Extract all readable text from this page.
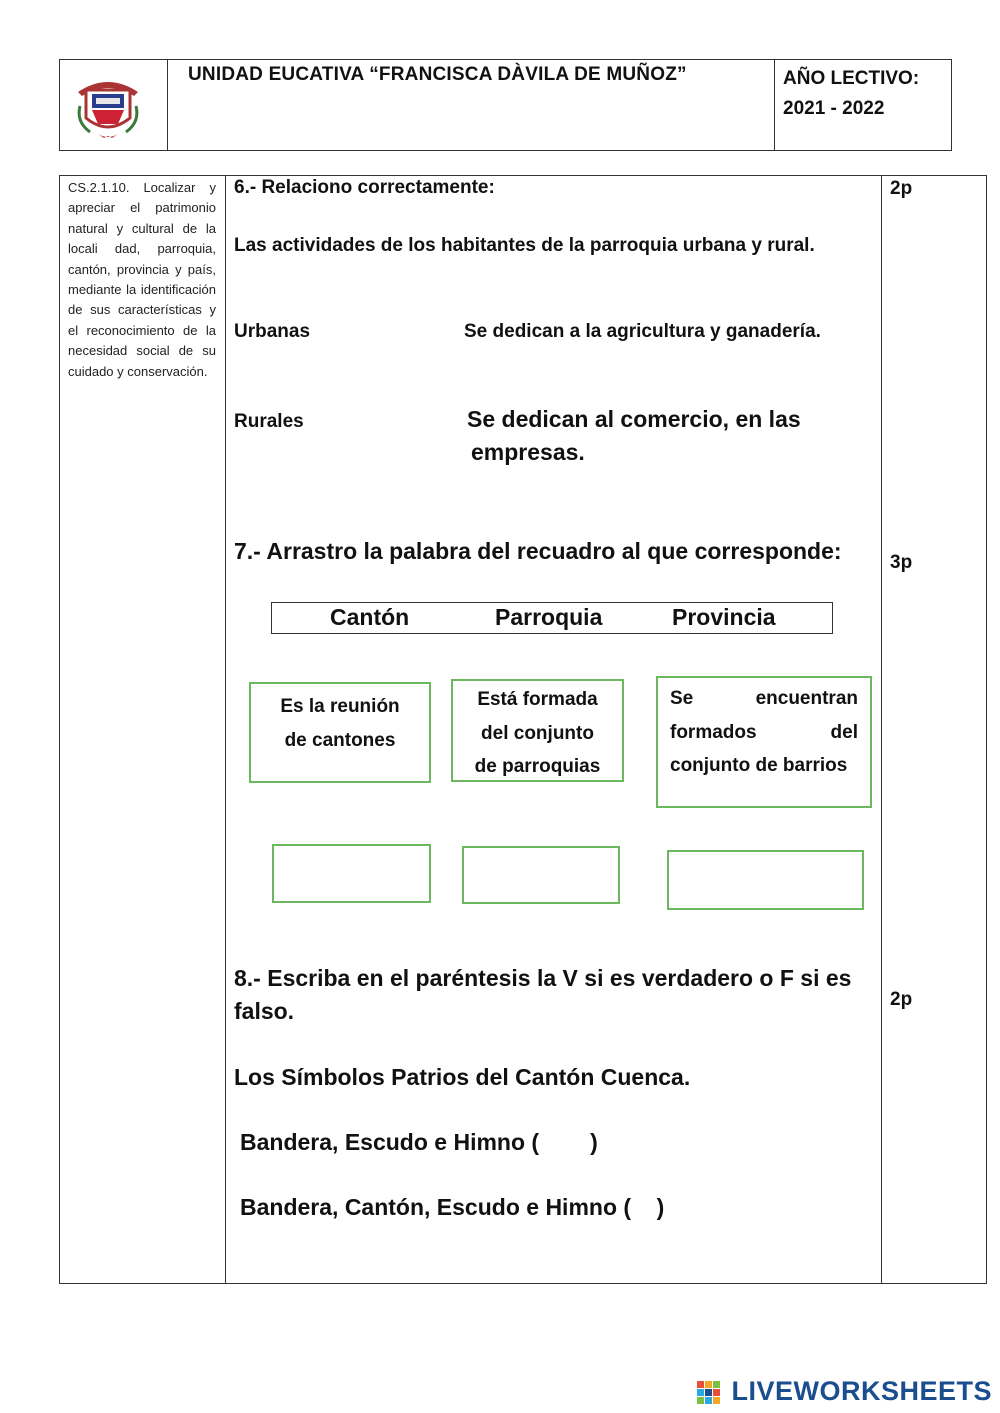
UNIDAD EUCATIVA “FRANCISCA DÀVILA DE MUÑOZ”	AÑO LECTIVO:
2021 - 2022
CS.2.1.10. Localizar y apreciar el patrimonio natural y cultural de la locali dad, parroquia, cantón, provincia y país, mediante la identificación de sus características y el reconocimiento de la necesidad social de su cuidado y conservación.
2p
3p
2p
6.- Relaciono correctamente:
Las actividades de los habitantes de la parroquia urbana y rural.
Urbanas	Se dedican a la agricultura y ganadería.
Rurales	Se dedican al comercio, en las
empresas.
7.- Arrastro la palabra del recuadro al que corresponde:
Cantón	Parroquia	Provincia
Es la reunión
de cantones
Está formada
del conjunto
de parroquias
Se encuentran
formados del
conjunto de barrios
8.- Escriba en el paréntesis la V si es verdadero o F si es
falso.
Los Símbolos Patrios del Cantón Cuenca.
Bandera, Escudo e Himno (        )
Bandera, Cantón, Escudo e Himno (    )
LIVEWORKSHEETS
